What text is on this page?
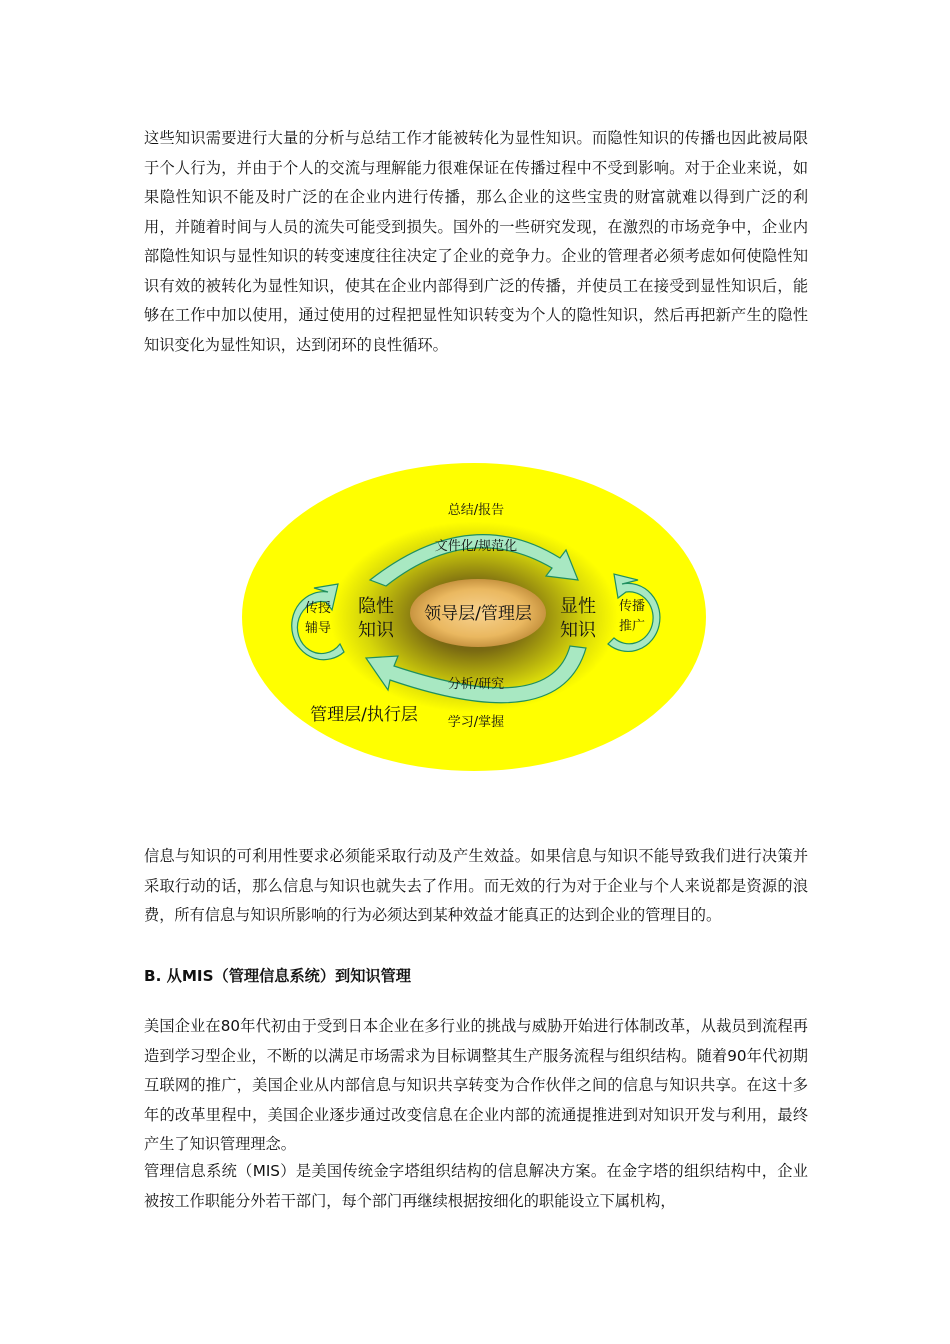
这些知识需要进行大量的分析与总结工作才能被转化为显性知识。而隐性知识的传播也因此被局限于个人行为，并由于个人的交流与理解能力很难保证在传播过程中不受到影响。对于企业来说，如果隐性知识不能及时广泛的在企业内进行传播，那么企业的这些宝贵的财富就难以得到广泛的利用，并随着时间与人员的流失可能受到损失。国外的一些研究发现，在激烈的市场竞争中，企业内部隐性知识与显性知识的转变速度往往决定了企业的竞争力。企业的管理者必须考虑如何使隐性知识有效的被转化为显性知识，使其在企业内部得到广泛的传播，并使员工在接受到显性知识后，能够在工作中加以使用，通过使用的过程把显性知识转变为个人的隐性知识，然后再把新产生的隐性知识变化为显性知识，达到闭环的良性循环。

领导层/管理层
隐性
知识
显性
知识
传授
辅导
传播
推广
总结/报告
文件化/规范化
分析/研究
学习/掌握
管理层/执行层

信息与知识的可利用性要求必须能采取行动及产生效益。如果信息与知识不能导致我们进行决策并采取行动的话，那么信息与知识也就失去了作用。而无效的行为对于企业与个人来说都是资源的浪费，所有信息与知识所影响的行为必须达到某种效益才能真正的达到企业的管理目的。

B. 从MIS（管理信息系统）到知识管理

美国企业在80年代初由于受到日本企业在多行业的挑战与威胁开始进行体制改革，从裁员到流程再造到学习型企业，不断的以满足市场需求为目标调整其生产服务流程与组织结构。随着90年代初期互联网的推广，美国企业从内部信息与知识共享转变为合作伙伴之间的信息与知识共享。在这十多年的改革里程中，美国企业逐步通过改变信息在企业内部的流通提推进到对知识开发与利用，最终产生了知识管理理念。

管理信息系统（MIS）是美国传统金字塔组织结构的信息解决方案。在金字塔的组织结构中，企业被按工作职能分外若干部门，每个部门再继续根据按细化的职能设立下属机构，
